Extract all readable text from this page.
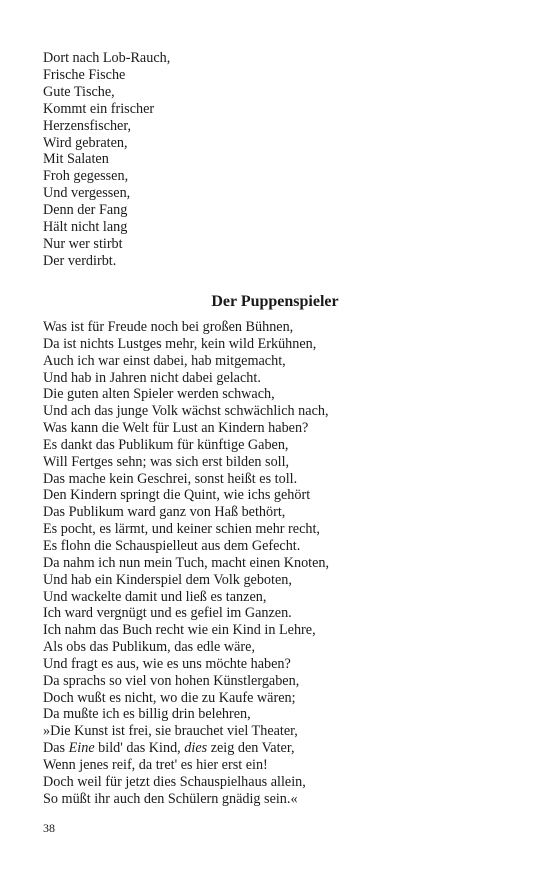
Dort nach Lob-Rauch,
Frische Fische
Gute Tische,
Kommt ein frischer
Herzensfischer,
Wird gebraten,
Mit Salaten
Froh gegessen,
Und vergessen,
Denn der Fang
Hält nicht lang
Nur wer stirbt
Der verdirbt.
Der Puppenspieler
Was ist für Freude noch bei großen Bühnen,
Da ist nichts Lustges mehr, kein wild Erkühnen,
Auch ich war einst dabei, hab mitgemacht,
Und hab in Jahren nicht dabei gelacht.
Die guten alten Spieler werden schwach,
Und ach das junge Volk wächst schwächlich nach,
Was kann die Welt für Lust an Kindern haben?
Es dankt das Publikum für künftige Gaben,
Will Fertges sehn; was sich erst bilden soll,
Das mache kein Geschrei, sonst heißt es toll.
Den Kindern springt die Quint, wie ichs gehört
Das Publikum ward ganz von Haß bethört,
Es pocht, es lärmt, und keiner schien mehr recht,
Es flohn die Schauspielleut aus dem Gefecht.
Da nahm ich nun mein Tuch, macht einen Knoten,
Und hab ein Kinderspiel dem Volk geboten,
Und wackelte damit und ließ es tanzen,
Ich ward vergnügt und es gefiel im Ganzen.
Ich nahm das Buch recht wie ein Kind in Lehre,
Als obs das Publikum, das edle wäre,
Und fragt es aus, wie es uns möchte haben?
Da sprachs so viel von hohen Künstlergaben,
Doch wußt es nicht, wo die zu Kaufe wären;
Da mußte ich es billig drin belehren,
»Die Kunst ist frei, sie brauchet viel Theater,
Das Eine bild' das Kind, dies zeig den Vater,
Wenn jenes reif, da tret' es hier erst ein!
Doch weil für jetzt dies Schauspielhaus allein,
So müßt ihr auch den Schülern gnädig sein.«
38
